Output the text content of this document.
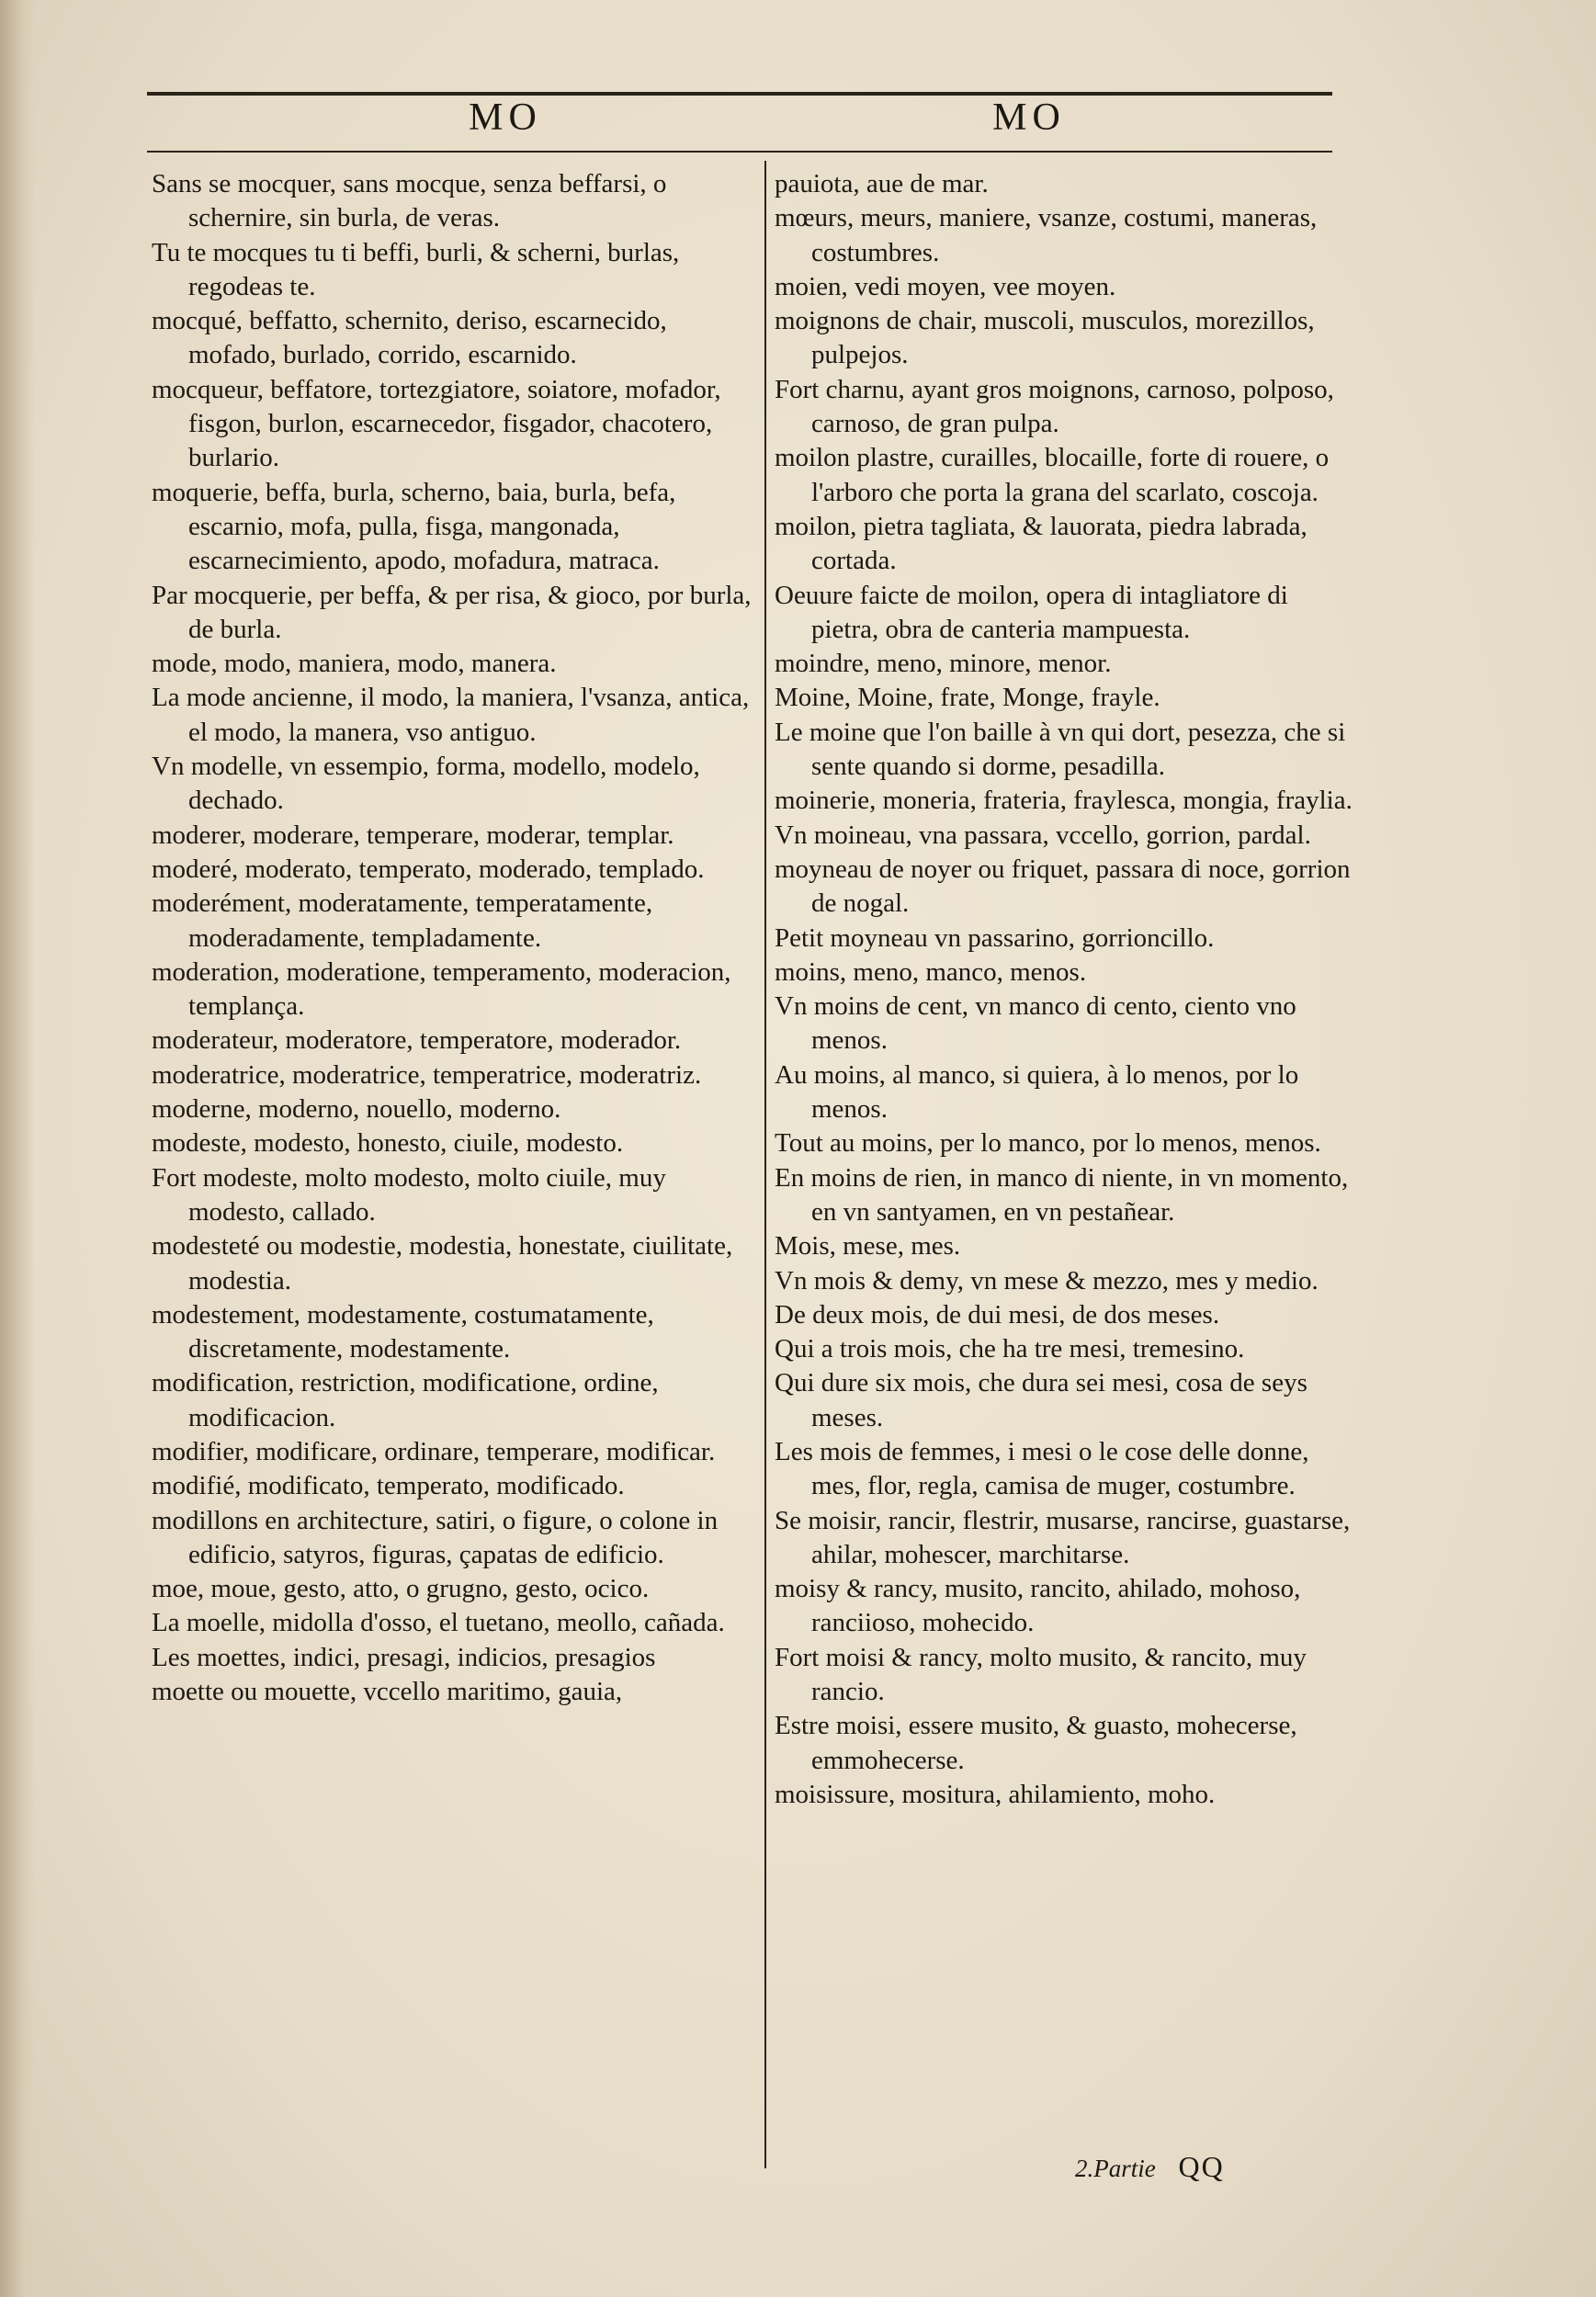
MO	MO

Sans se mocquer, sans mocque, senza beffarsi, o schernire, sin burla, de veras.

Tu te mocques tu ti beffi, burli, & scherni, burlas, regodeas te.

mocqué, beffatto, schernito, deriso, escarnecido, mofado, burlado, corrido, escarnido.

mocqueur, beffatore, tortezgiatore, soiatore, mofador, fisgon, burlon, escarnecedor, fisgador, chacotero, burlario.

moquerie, beffa, burla, scherno, baia, burla, befa, escarnio, mofa, pulla, fisga, mangonada, escarnecimiento, apodo, mofadura, matraca.

Par mocquerie, per beffa, & per risa, & gioco, por burla, de burla.

mode, modo, maniera, modo, manera.

La mode ancienne, il modo, la maniera, l'vsanza, antica, el modo, la manera, vso antiguo.

Vn modelle, vn essempio, forma, modello, modelo, dechado.

moderer, moderare, temperare, moderar, templar.

moderé, moderato, temperato, moderado, templado.

moderément, moderatamente, temperatamente, moderadamente, templadamente.

moderation, moderatione, temperamento, moderacion, templança.

moderateur, moderatore, temperatore, moderador.

moderatrice, moderatrice, temperatrice, moderatriz.

moderne, moderno, nouello, moderno.

modeste, modesto, honesto, ciuile, modesto.

Fort modeste, molto modesto, molto ciuile, muy modesto, callado.

modesteté ou modestie, modestia, honestate, ciuilitate, modestia.

modestement, modestamente, costumatamente, discretamente, modestamente.

modification, restriction, modificatione, ordine, modificacion.

modifier, modificare, ordinare, temperare, modificar.

modifié, modificato, temperato, modificado.

modillons en architecture, satiri, o figure, o colone in edificio, satyros, figuras, çapatas de edificio.

moe, moue, gesto, atto, o grugno, gesto, ocico.

La moelle, midolla d'osso, el tuetano, meollo, cañada.

Les moettes, indici, presagi, indicios, presagios

moette ou mouette, vccello maritimo, gauia,

pauiota, aue de mar.

mœurs, meurs, maniere, vsanze, costumi, maneras, costumbres.

moien, vedi moyen, vee moyen.

moignons de chair, muscoli, musculos, morezillos, pulpejos.

Fort charnu, ayant gros moignons, carnoso, polposo, carnoso, de gran pulpa.

moilon plastre, curailles, blocaille, forte di rouere, o l'arboro che porta la grana del scarlato, coscoja.

moilon, pietra tagliata, & lauorata, piedra labrada, cortada.

Oeuure faicte de moilon, opera di intagliatore di pietra, obra de canteria mampuesta.

moindre, meno, minore, menor.

Moine, Moine, frate, Monge, frayle.

Le moine que l'on baille à vn qui dort, pesezza, che si sente quando si dorme, pesadilla.

moinerie, moneria, frateria, fraylesca, mongia, fraylia.

Vn moineau, vna passara, vccello, gorrion, pardal.

moyneau de noyer ou friquet, passara di noce, gorrion de nogal.

Petit moyneau vn passarino, gorrioncillo.

moins, meno, manco, menos.

Vn moins de cent, vn manco di cento, ciento vno menos.

Au moins, al manco, si quiera, à lo menos, por lo menos.

Tout au moins, per lo manco, por lo menos, menos.

En moins de rien, in manco di niente, in vn momento, en vn santyamen, en vn pestañear.

Mois, mese, mes.

Vn mois & demy, vn mese & mezzo, mes y medio.

De deux mois, de dui mesi, de dos meses.

Qui a trois mois, che ha tre mesi, tremesino.

Qui dure six mois, che dura sei mesi, cosa de seys meses.

Les mois de femmes, i mesi o le cose delle donne, mes, flor, regla, camisa de muger, costumbre.

Se moisir, rancir, flestrir, musarse, rancirse, guastarse, ahilar, mohescer, marchitarse.

moisy & rancy, musito, rancito, ahilado, mohoso, ranciioso, mohecido.

Fort moisi & rancy, molto musito, & rancito, muy rancio.

Estre moisi, essere musito, & guasto, mohecerse, emmohecerse.

moisissure, mositura, ahilamiento, moho.

2.Partie QQ
